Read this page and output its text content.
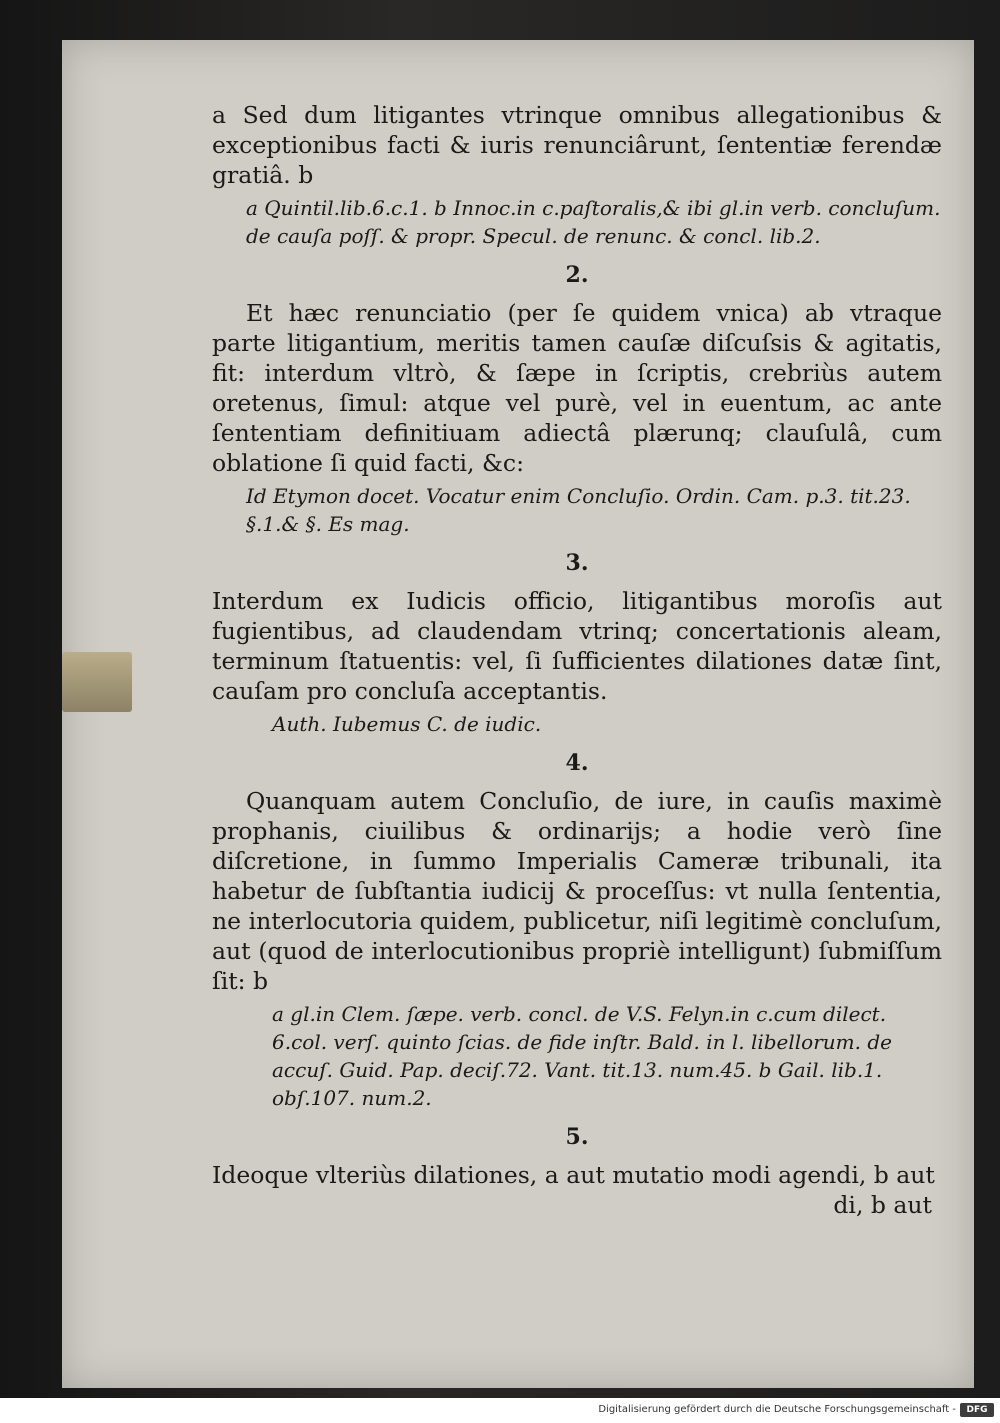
a Sed dum litigantes vtrinque omnibus allegationibus & exceptionibus facti & iuris renunciârunt, ſententiæ ferendæ gratiâ. b

a Quintil.lib.6.c.1. b Innoc.in c.paſtoralis,& ibi gl.in verb. concluſum. de cauſa poſſ. & propr. Specul. de renunc. & concl. lib.2.

2.

Et hæc renunciatio (per ſe quidem vnica) ab vtraque parte litigantium, meritis tamen cauſæ diſcuſsis & agitatis, fit: interdum vltrò, & ſæpe in ſcriptis, crebriùs autem oretenus, ſimul: atque vel purè, vel in euentum, ac ante ſententiam definitiuam adiectâ plærunq; clauſulâ, cum oblatione ſi quid facti, &c:

Id Etymon docet. Vocatur enim Concluſio. Ordin. Cam. p.3. tit.23. §.1.& §. Es mag.

3.

Interdum ex Iudicis officio, litigantibus moroſis aut fugientibus, ad claudendam vtrinq; concertationis aleam, terminum ſtatuentis: vel, ſi ſufficientes dilationes datæ ſint, cauſam pro concluſa acceptantis.

Auth. Iubemus C. de iudic.

4.

Quanquam autem Concluſio, de iure, in cauſis maximè prophanis, ciuilibus & ordinarijs; a hodie verò ſine diſcretione, in ſummo Imperialis Cameræ tribunali, ita habetur de ſubſtantia iudicij & proceſſus: vt nulla ſententia, ne interlocutoria quidem, publicetur, niſi legitimè concluſum, aut (quod de interlocutionibus propriè intelligunt) ſubmiſſum ſit: b

a gl.in Clem. ſæpe. verb. concl. de V.S. Felyn.in c.cum dilect. 6.col. verſ. quinto ſcias. de fide inſtr. Bald. in l. libellorum. de accuſ. Guid. Pap. deciſ.72. Vant. tit.13. num.45. b Gail. lib.1. obſ.107. num.2.

5.

Ideoque vlteriùs dilationes, a aut mutatio modi agendi, b aut

di, b aut

Digitalisierung gefördert durch die Deutsche Forschungsgemeinschaft -	DFG
